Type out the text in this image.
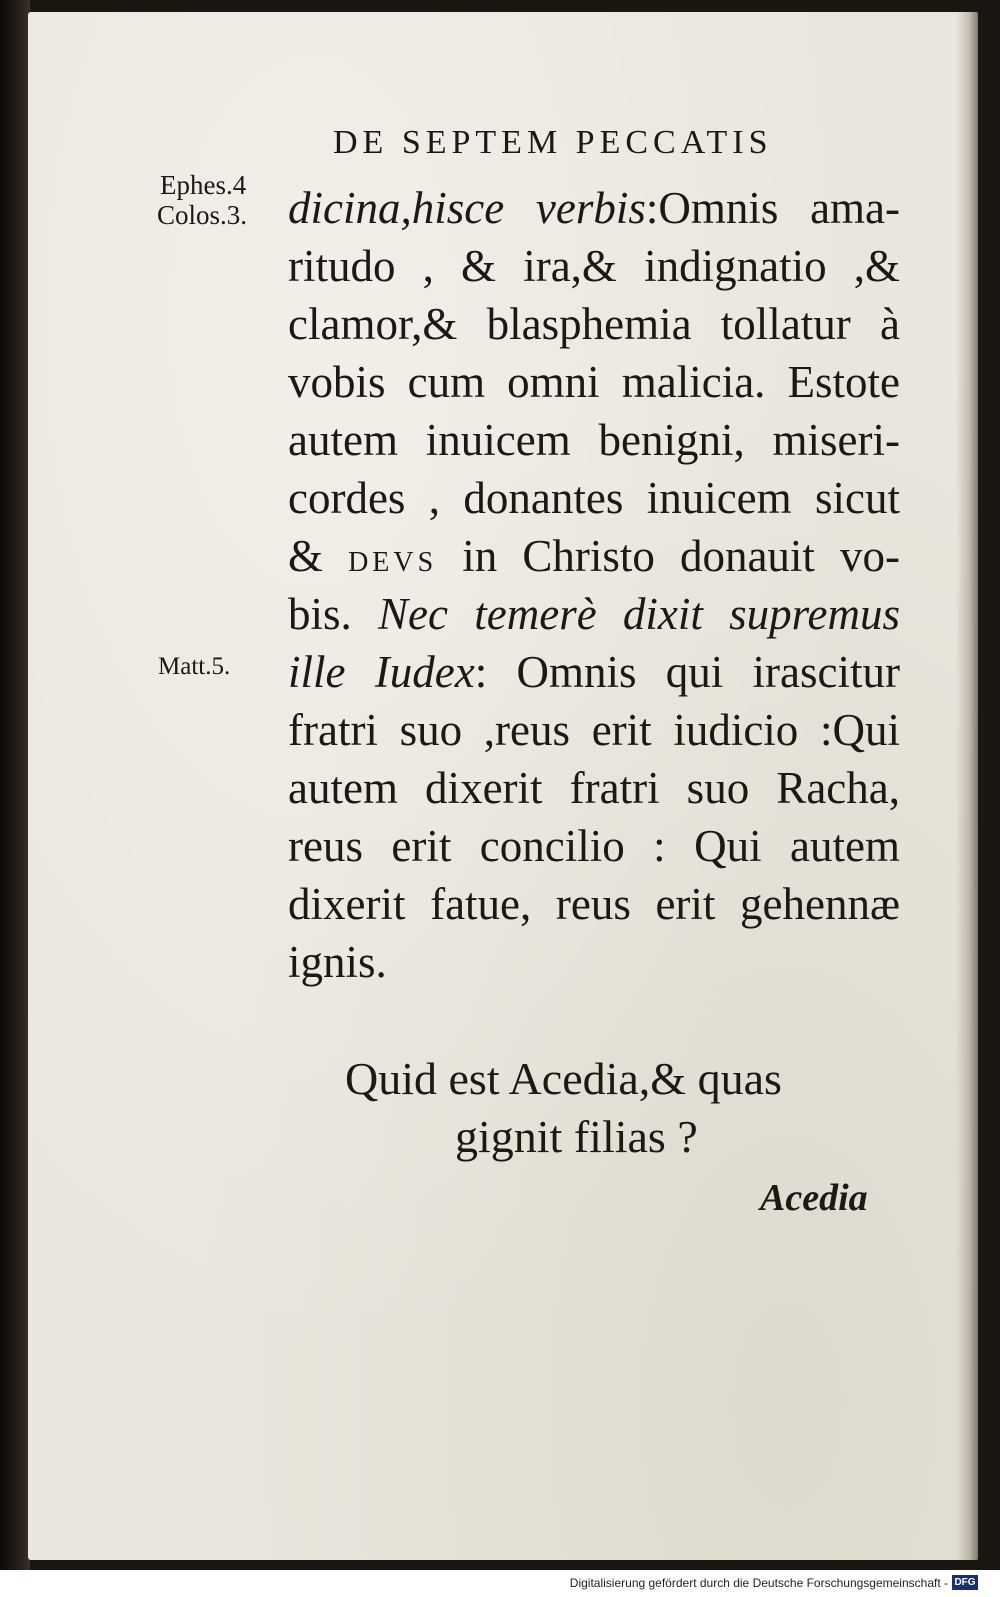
DE SEPTEM PECCATIS
Ephes.4
Colos.3.
Matt.5.
dicina,hisce verbis:Omnis ama-
ritudo , & ira,& indignatio ,&
clamor,& blasphemia tollatur à
vobis cum omni malicia. Estote
autem inuicem benigni, miseri-
cordes , donantes inuicem sicut
& DEVS in Christo donauit vo-
bis. Nec temerè dixit supremus
ille Iudex: Omnis qui irascitur
fratri suo ,reus erit iudicio :Qui
autem dixerit fratri suo Racha,
reus erit concilio : Qui autem
dixerit fatue, reus erit gehennæ
ignis.
Quid est Acedia,& quas
gignit filias ?
Acedia
Digitalisierung gefördert durch die Deutsche Forschungsgemeinschaft - DFG
